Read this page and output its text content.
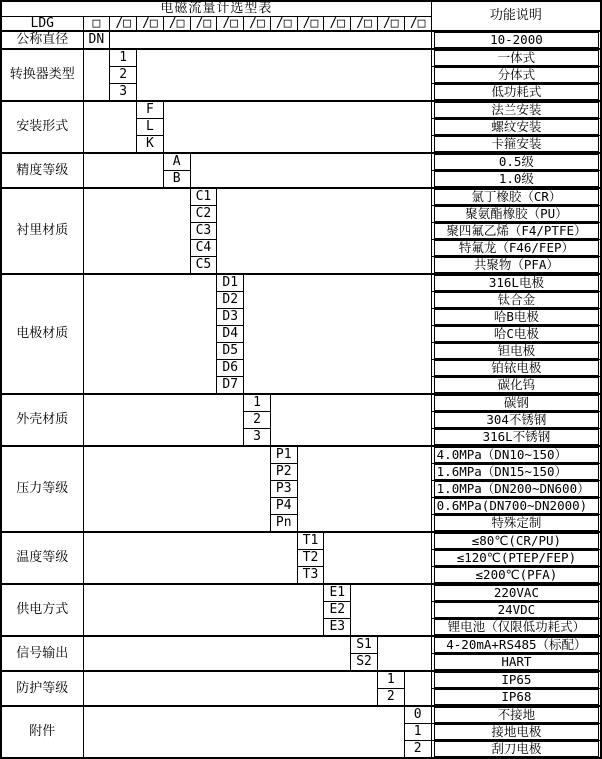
电磁流量计选型表														功能说明
LDG	□	/□	/□	/□	/□	/□	/□	/□	/□	/□	/□	/□	/□	
公称直径	DN													10-2000

转换器类型		1												一体式

		2												分体式

		3												低功耗式

安装形式			F											法兰安装

			L											螺纹安装

			K											卡箍安装

精度等级				A										0.5级

				B										1.0级

衬里材质					C1									氯丁橡胶（CR）

					C2									聚氨酯橡胶（PU）

					C3									聚四氟乙烯（F4/PTFE）

					C4									特氟龙（F46/FEP）

					C5									共聚物（PFA）

电极材质						D1								316L电极

						D2								钛合金

						D3								哈B电极

						D4								哈C电极

						D5								钽电极

						D6								铂铱电极

						D7								碳化钨

外壳材质							1							碳钢

							2							304不锈钢

							3							316L不锈钢

压力等级								P1						4.0MPa（DN10~150）

								P2						1.6MPa（DN15~150）

								P3						1.0MPa（DN200~DN600）

								P4						0.6MPa(DN700~DN2000)

								Pn						特殊定制

温度等级									T1					≤80℃(CR/PU)

									T2					≤120℃(PTEP/FEP)

									T3					≤200℃(PFA)

供电方式										E1				220VAC

										E2				24VDC

										E3				锂电池（仅限低功耗式）

信号输出											S1			4-20mA+RS485（标配）

											S2			HART

防护等级												1		IP65

												2		IP68

附件													0	不接地

													1	接地电极

													2	刮刀电极
